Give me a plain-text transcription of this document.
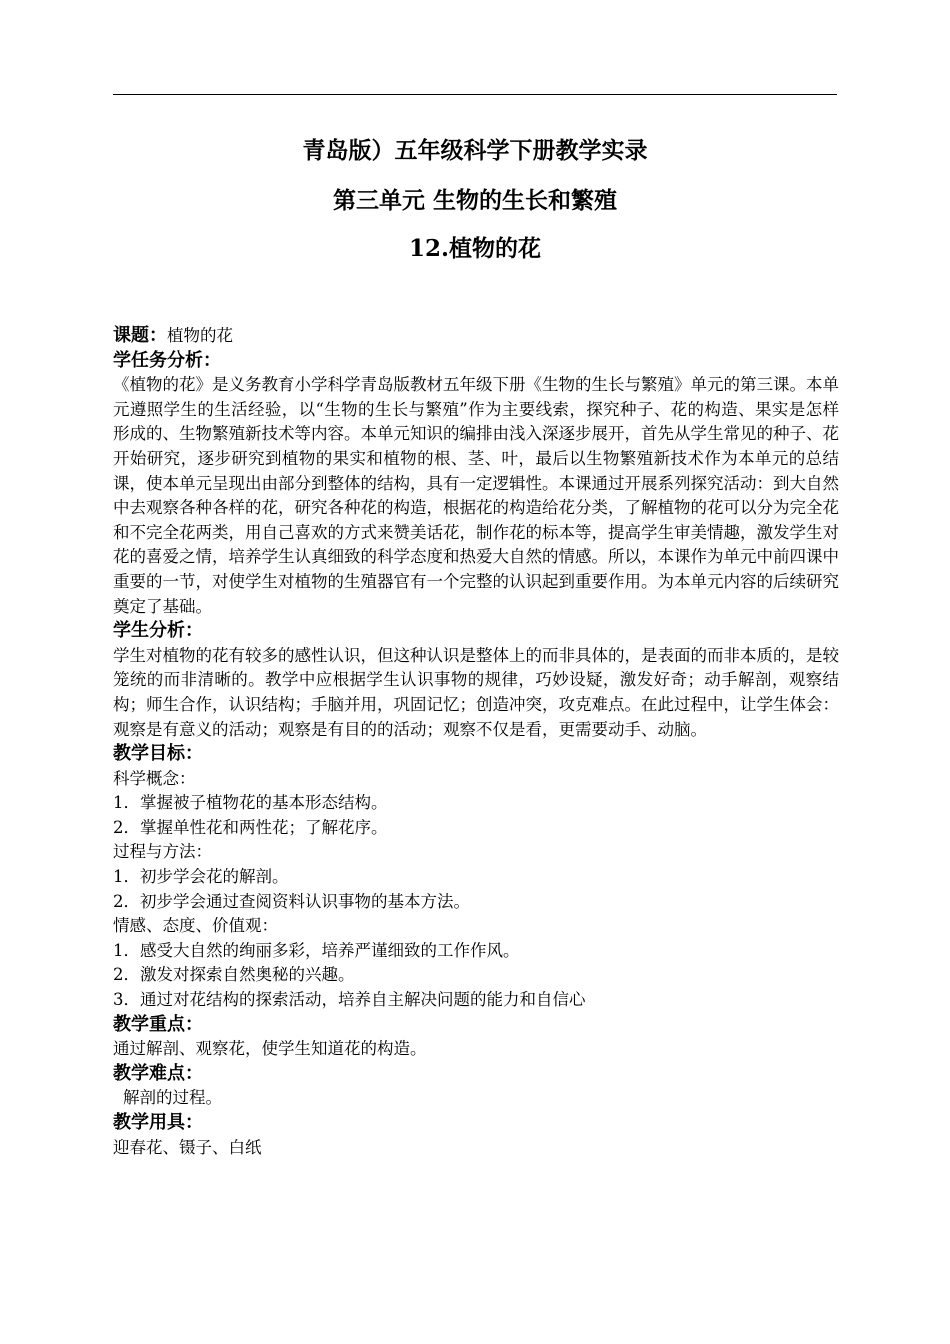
青岛版）五年级科学下册教学实录
第三单元 生物的生长和繁殖
12.植物的花

课题：植物的花

学任务分析：

《植物的花》是义务教育小学科学青岛版教材五年级下册《生物的生长与繁殖》单元的第三课。本单元遵照学生的生活经验，以“生物的生长与繁殖”作为主要线索，探究种子、花的构造、果实是怎样形成的、生物繁殖新技术等内容。本单元知识的编排由浅入深逐步展开，首先从学生常见的种子、花开始研究，逐步研究到植物的果实和植物的根、茎、叶，最后以生物繁殖新技术作为本单元的总结课，使本单元呈现出由部分到整体的结构，具有一定逻辑性。本课通过开展系列探究活动：到大自然中去观察各种各样的花，研究各种花的构造，根据花的构造给花分类，了解植物的花可以分为完全花和不完全花两类，用自己喜欢的方式来赞美话花，制作花的标本等，提高学生审美情趣，激发学生对花的喜爱之情，培养学生认真细致的科学态度和热爱大自然的情感。所以，本课作为单元中前四课中重要的一节，对使学生对植物的生殖器官有一个完整的认识起到重要作用。为本单元内容的后续研究奠定了基础。

学生分析：

学生对植物的花有较多的感性认识，但这种认识是整体上的而非具体的，是表面的而非本质的，是较笼统的而非清晰的。教学中应根据学生认识事物的规律，巧妙设疑，激发好奇；动手解剖，观察结构；师生合作，认识结构；手脑并用，巩固记忆；创造冲突，攻克难点。在此过程中，让学生体会：观察是有意义的活动；观察是有目的的活动；观察不仅是看，更需要动手、动脑。

教学目标：

科学概念：

1．掌握被子植物花的基本形态结构。

2．掌握单性花和两性花；了解花序。

过程与方法：

1．初步学会花的解剖。

2．初步学会通过查阅资料认识事物的基本方法。

情感、态度、价值观：

1．感受大自然的绚丽多彩，培养严谨细致的工作作风。

2．激发对探索自然奥秘的兴趣。

3．通过对花结构的探索活动，培养自主解决问题的能力和自信心

教学重点：

通过解剖、观察花，使学生知道花的构造。

教学难点：

解剖的过程。

教学用具：

迎春花、镊子、白纸
